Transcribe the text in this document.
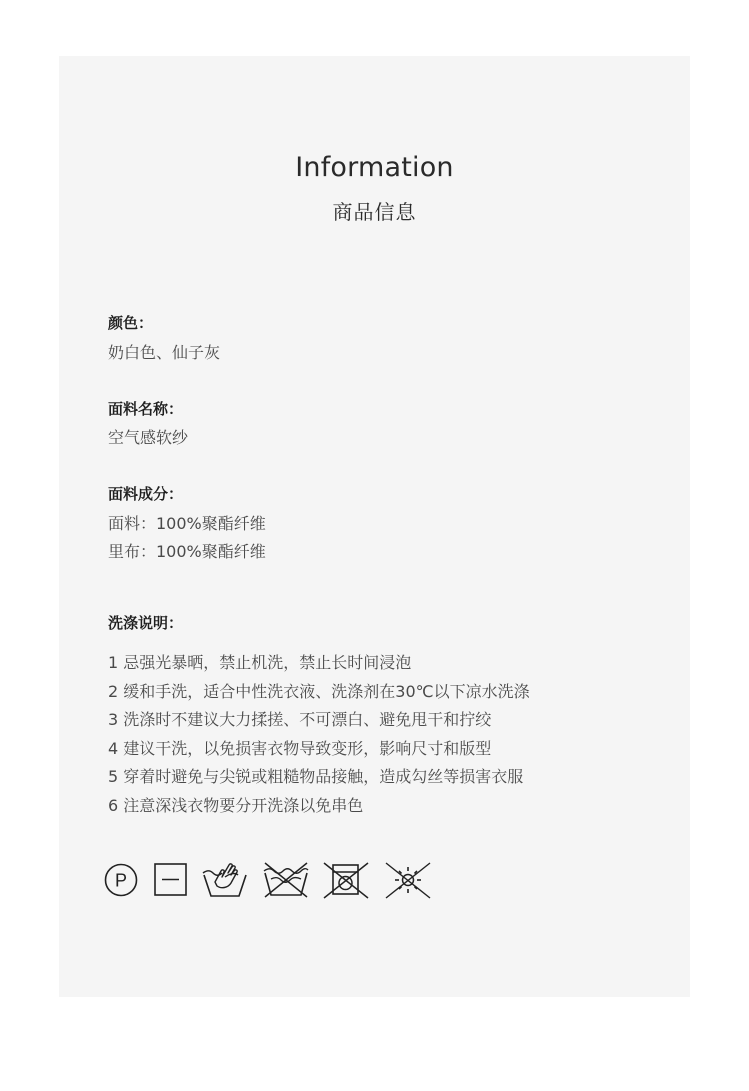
Information
商品信息
颜色：
奶白色、仙子灰
面料名称：
空气感软纱
面料成分：
面料：100%聚酯纤维
里布：100%聚酯纤维
洗涤说明：
1 忌强光暴晒，禁止机洗，禁止长时间浸泡
2 缓和手洗，适合中性洗衣液、洗涤剂在30℃以下凉水洗涤
3 洗涤时不建议大力揉搓、不可漂白、避免甩干和拧绞
4 建议干洗，以免损害衣物导致变形，影响尺寸和版型
5 穿着时避免与尖锐或粗糙物品接触，造成勾丝等损害衣服
6 注意深浅衣物要分开洗涤以免串色
P
